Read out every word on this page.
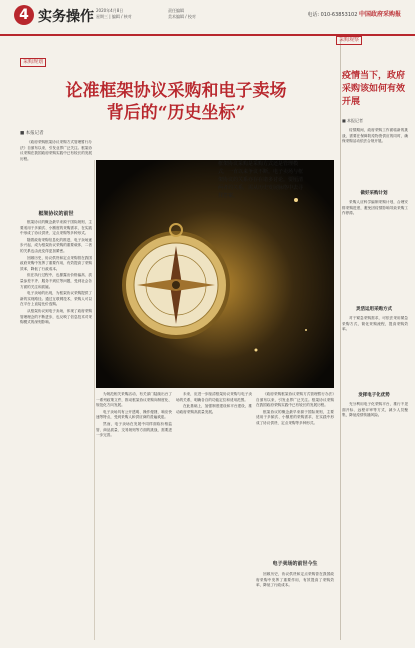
4 实务操作 2020年4月8日
星期三 | 编辑 / 核对
责任编辑
美术编辑 / 校对	电话: 010-63853102 中国政府采购报
采购规划
论准框架协议采购和电子卖场
背后的“历史坐标”
■ 本报记者
框架协议的前世

《政府采购框架协议采购方式管理暂行办法》自颁布以来，引发业界广泛关注。框架协议采购在我国政府采购实践中已有较长的发展历程。

框架协议的概念最早来源于国际规则，主要适用于多频次、小额度的采购需求，在实践中形成了协议供货、定点采购等多种形式。

随着政府采购信息化的推进，电子卖场逐步兴起，成为框架协议采购的重要载体，二者的关系也由此变得更加紧密。

回顾历史，协议供货和定点采购曾在我国政府采购中发挥了重要作用，有效提高了采购效率，降低了行政成本。

但在执行过程中，也暴露出价格偏高、质量参差不齐、服务不到位等问题，受到社会各方面的关注和质疑。

电子卖场的出现，为框架协议采购提供了新的实现路径。通过互联网技术，采购人可以在平台上直接比价选购。

从框架协议到电子卖场，体现了政府采购管理理念的不断进步，也反映了信息技术对采购模式的深刻影响。

框架协议采购是采购方式还是管理模式，一直以来争议不断。电子卖场与框架协议的关系亦存在诸多讨论。要厘清两者的关系，需从历史发展脉络中去寻找答案。

为规范相关采购活动，有关部门陆续出台了一系列政策文件，推动框架协议采购向制度化、规范化方向发展。

电子卖场具有公开透明、操作便捷、响应快速等特点，受到采购人和供应商的普遍欢迎。

然而，电子卖场在发展中同样面临价格监管、商品质量、交易规则等方面的挑战，需要进一步完善。

未来，应进一步厘清框架协议采购与电子卖场的关系，明确各自的功能定位和适用范围。

在此基础上，加强制度建设和平台建设，推动政府采购高质量发展。

电子卖场的前世今生

《政府采购框架协议采购方式管理暂行办法》自颁布以来，引发业界广泛关注。框架协议采购在我国政府采购实践中已有较长的发展历程。

框架协议的概念最早来源于国际规则，主要适用于多频次、小额度的采购需求，在实践中形成了协议供货、定点采购等多种形式。

回顾历史，协议供货和定点采购曾在我国政府采购中发挥了重要作用，有效提高了采购效率，降低了行政成本。

采购观察
疫情当下，政府采购该如何有效开展
■ 本报记者

疫情期间，政府采购工作面临新的挑战，需要在保障防疫物资供应的同时，确保采购活动依法合规开展。

做好采购计划

采购人应科学编制采购计划，合理安排采购进度，避免因疫情影响导致采购工作停滞。

灵活运用采购方式

对于紧急采购需求，可依法采用紧急采购方式，简化采购流程，提高采购效率。

发挥电子化优势

充分利用电子化采购平台，推行不见面开标、远程评审等方式，减少人员聚集，降低疫情传播风险。
